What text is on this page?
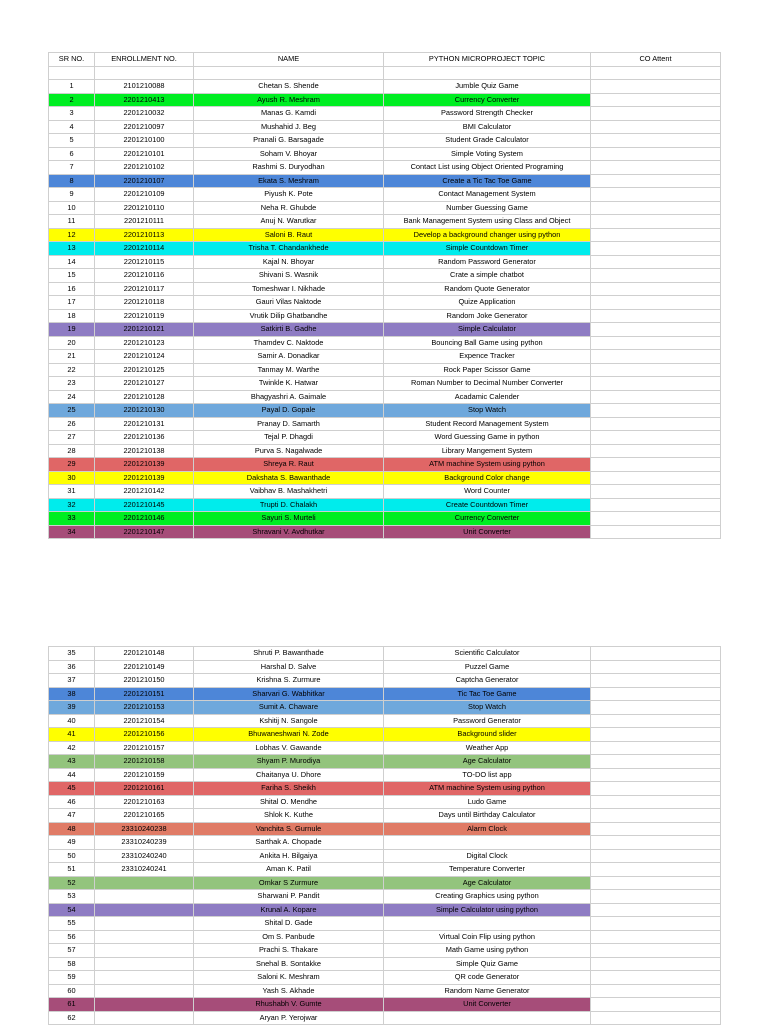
SR NO.	ENROLLMENT NO.	NAME	PYTHON MICROPROJECT TOPIC	CO Attent

1	2101210088	Chetan S. Shende	Jumble Quiz Game	
2	2201210413	Ayush R. Meshram	Currency Converter	
3	2201210032	Manas G. Kamdi	Password Strength Checker	
4	2201210097	Mushahid J. Beg	BMI Calculator	
5	2201210100	Pranali G. Barsagade	Student Grade Calculator	
6	2201210101	Soham V. Bhoyar	Simple Voting System	
7	2201210102	Rashmi S. Duryodhan	Contact List using Object Oriented Programing	
8	2201210107	Ekata S. Meshram	Create a Tic Tac Toe Game	
9	2201210109	Piyush K. Pote	Contact Management System	
10	2201210110	Neha R. Ghubde	Number Guessing Game	
11	2201210111	Anuj N. Warutkar	Bank Management System using Class and Object	
12	2201210113	Saloni B. Raut	Develop a background changer using python	
13	2201210114	Trisha T. Chandankhede	Simple Countdown Timer	
14	2201210115	Kajal N. Bhoyar	Random Password Generator	
15	2201210116	Shivani S. Wasnik	Crate a simple chatbot	
16	2201210117	Tomeshwar I. Nikhade	Random Quote Generator	
17	2201210118	Gauri Vilas Naktode	Quize Application	
18	2201210119	Vrutik Dilip Ghatbandhe	Random Joke Generator	
19	2201210121	Satkirti B. Gadhe	Simple Calculator	
20	2201210123	Thamdev C. Naktode	Bouncing Ball Game using python	
21	2201210124	Samir A. Donadkar	Expence Tracker	
22	2201210125	Tanmay M. Warthe	Rock Paper Scissor Game	
23	2201210127	Twinkle K. Hatwar	Roman Number to Decimal Number Converter	
24	2201210128	Bhagyashri A. Gaimale	Acadamic Calender	
25	2201210130	Payal D. Gopale	Stop Watch	
26	2201210131	Pranay D. Samarth	Student Record Management System	
27	2201210136	Tejal P. Dhagdi	Word Guessing Game in python	
28	2201210138	Purva S. Nagalwade	Library Mangement System	
29	2201210139	Shreya R. Raut	ATM machine System using python	
30	2201210139	Dakshata S. Bawanthade	Background Color change	
31	2201210142	Vaibhav B. Mashakhetri	Word Counter	
32	2201210145	Trupti D. Chalakh	Create Countdown Timer	
33	2201210146	Sayuri S. Murteli	Currency Converter	
34	2201210147	Shravani V. Avdhutkar	Unit Converter	
35	2201210148	Shruti P. Bawanthade	Scientific Calculator	
36	2201210149	Harshal D. Salve	Puzzel Game	
37	2201210150	Krishna S. Zurmure	Captcha Generator	
38	2201210151	Sharvari G. Wabhitkar	Tic Tac Toe Game	
39	2201210153	Sumit A. Chaware	Stop Watch	
40	2201210154	Kshitij N. Sangole	Password Generator	
41	2201210156	Bhuwaneshwari N. Zode	Background slider	
42	2201210157	Lobhas V. Gawande	Weather App	
43	2201210158	Shyam P. Murodiya	Age Calculator	
44	2201210159	Chaitanya U. Dhore	TO-DO list app	
45	2201210161	Fariha S. Sheikh	ATM machine System using python	
46	2201210163	Shital O. Mendhe	Ludo Game	
47	2201210165	Shlok K. Kuthe	Days until Birthday Calculator	
48	23310240238	Vanchita S. Gurnule	Alarm Clock	
49	23310240239	Sarthak A. Chopade		
50	23310240240	Ankita H. Bilgaiya	Digital Clock	
51	23310240241	Aman K. Patil	Temperature Converter	
52		Omkar S Zurmure	Age Calculator	
53		Sharwani P. Pandit	Creating Graphics using python	
54		Krunal A. Kopare	Simple Calculator using python	
55		Shital D. Gade		
56		Om S. Panbude	Virtual Coin Flip using python	
57		Prachi S. Thakare	Math Game using python	
58		Snehal B. Sontakke	Simple Quiz Game	
59		Saloni K. Meshram	QR code Generator	
60		Yash S. Akhade	Random Name Generator	
61		Rhushabh V. Gumte	Unit Converter	
62		Aryan P. Yerojwar		
